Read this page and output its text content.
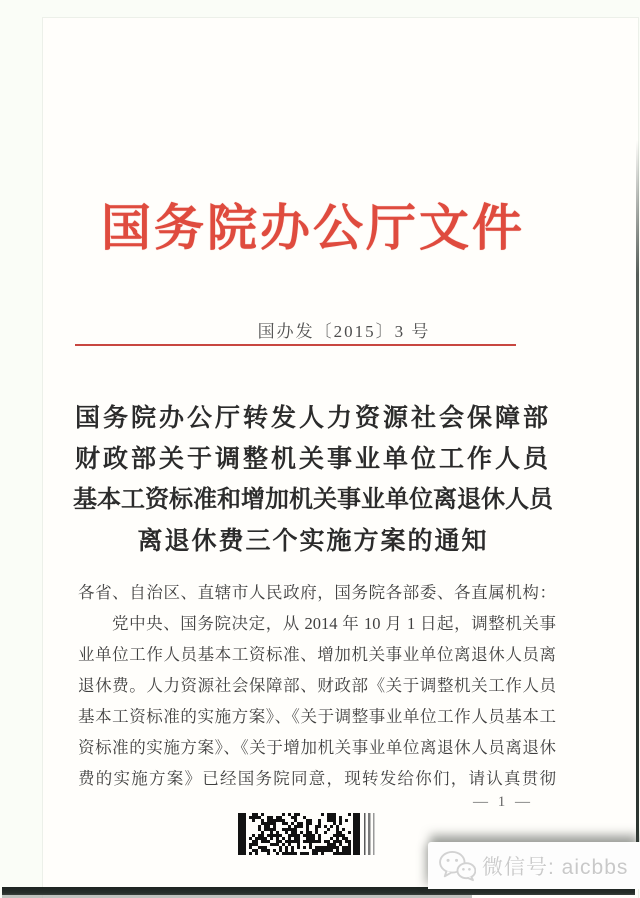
国务院办公厅文件
国办发〔2015〕3 号
国务院办公厅转发人力资源社会保障部
财政部关于调整机关事业单位工作人员
基本工资标准和增加机关事业单位离退休人员
离退休费三个实施方案的通知
各省、自治区、直辖市人民政府，国务院各部委、各直属机构：
党中央、国务院决定，从 2014 年 10 月 1 日起，调整机关事
业单位工作人员基本工资标准、增加机关事业单位离退休人员离
退休费。人力资源社会保障部、财政部《关于调整机关工作人员
基本工资标准的实施方案》、《关于调整事业单位工作人员基本工
资标准的实施方案》、《关于增加机关事业单位离退休人员离退休
费的实施方案》已经国务院同意，现转发给你们，请认真贯彻
— 1 —
微信号: aicbbs
